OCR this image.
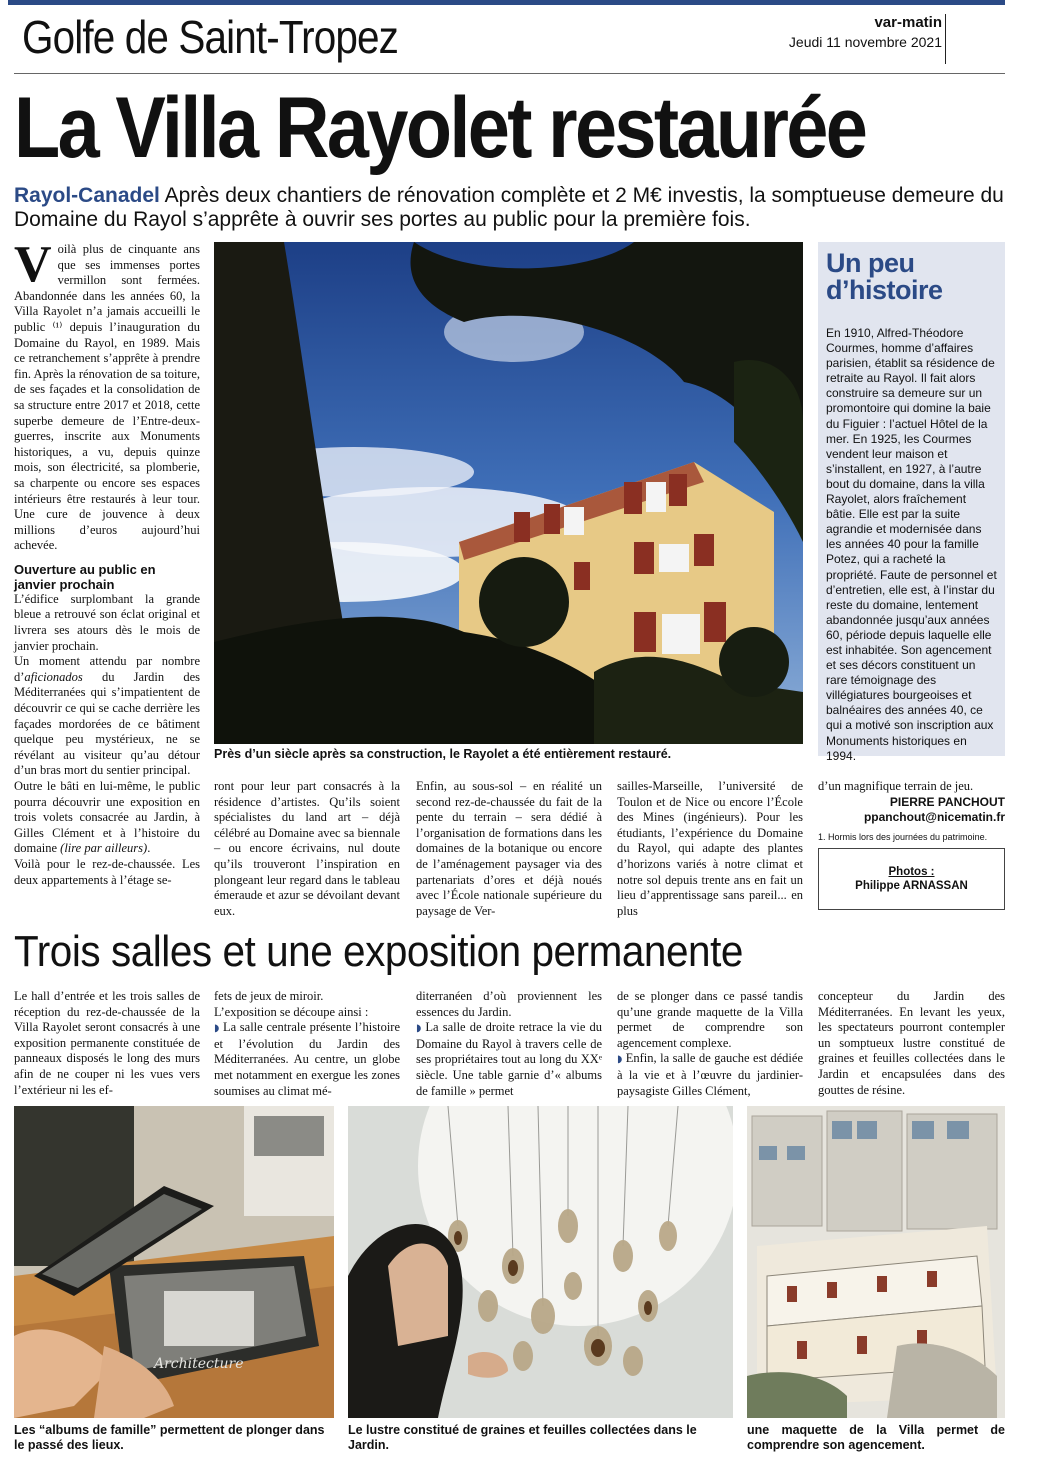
Golfe de Saint-Tropez	var-matin
Jeudi 11 novembre 2021
La Villa Rayolet restaurée
Rayol-Canadel Après deux chantiers de rénovation complète et 2 M€ investis, la somptueuse demeure du Domaine du Rayol s’apprête à ouvrir ses portes au public pour la première fois.
V oilà plus de cinquante ans que ses immenses portes vermillon sont fermées. Abandonnée dans les années 60, la Villa Rayolet n’a jamais accueilli le public ⁽¹⁾ depuis l’inauguration du Domaine du Rayol, en 1989. Mais ce retranchement s’apprête à prendre fin. Après la rénovation de sa toiture, de ses façades et la consolidation de sa structure entre 2017 et 2018, cette superbe demeure de l’Entre-deux-guerres, inscrite aux Monuments historiques, a vu, depuis quinze mois, son électricité, sa plomberie, sa charpente ou encore ses espaces intérieurs être restaurés à leur tour. Une cure de jouvence à deux millions d’euros aujourd’hui achevée.

Ouverture au public en janvier prochain

L’édifice surplombant la grande bleue a retrouvé son éclat original et livrera ses atours dès le mois de janvier prochain.

Un moment attendu par nombre d’aficionados du Jardin des Méditerranées qui s’impatientent de découvrir ce qui se cache derrière les façades mordorées de ce bâtiment quelque peu mystérieux, ne se révélant au visiteur qu’au détour d’un bras mort du sentier principal.

Outre le bâti en lui-même, le public pourra découvrir une exposition en trois volets consacrée au Jardin, à Gilles Clément et à l’histoire du domaine (lire par ailleurs).

Voilà pour le rez-de-chaussée. Les deux appartements à l’étage se-

Près d’un siècle après sa construction, le Rayolet a été entièrement restauré.

ront pour leur part consacrés à la résidence d’artistes. Qu’ils soient spécialistes du land art – déjà célébré au Domaine avec sa biennale – ou encore écrivains, nul doute qu’ils trouveront l’inspiration en plongeant leur regard dans le tableau émeraude et azur se dévoilant devant eux.

Enfin, au sous-sol – en réalité un second rez-de-chaussée du fait de la pente du terrain – sera dédié à l’organisation de formations dans les domaines de la botanique ou encore de l’aménagement paysager via des partenariats d’ores et déjà noués avec l’École nationale supérieure du paysage de Ver-

sailles-Marseille, l’université de Toulon et de Nice ou encore l’École des Mines (ingénieurs). Pour les étudiants, l’expérience du Domaine du Rayol, qui adapte des plantes d’horizons variés à notre climat et notre sol depuis trente ans en fait un lieu d’apprentissage sans pareil... en plus

d’un magnifique terrain de jeu.

PIERRE PANCHOUT
ppanchout@nicematin.fr
1. Hormis lors des journées du patrimoine.
Un peu d’histoire
En 1910, Alfred-Théodore Courmes, homme d’affaires parisien, établit sa résidence de retraite au Rayol. Il fait alors construire sa demeure sur un promontoire qui domine la baie du Figuier : l’actuel Hôtel de la mer. En 1925, les Courmes vendent leur maison et s’installent, en 1927, à l’autre bout du domaine, dans la villa Rayolet, alors fraîchement bâtie. Elle est par la suite agrandie et modernisée dans les années 40 pour la famille Potez, qui a racheté la propriété. Faute de personnel et d’entretien, elle est, à l’instar du reste du domaine, lentement abandonnée jusqu’aux années 60, période depuis laquelle elle est inhabitée. Son agencement et ses décors constituent un rare témoignage des villégiatures bourgeoises et balnéaires des années 40, ce qui a motivé son inscription aux Monuments historiques en 1994.
Photos :
Philippe ARNASSAN
Trois salles et une exposition permanente

Le hall d’entrée et les trois salles de réception du rez-de-chaussée de la Villa Rayolet seront consacrés à une exposition permanente constituée de panneaux disposés le long des murs afin de ne couper ni les vues vers l’extérieur ni les ef-

fets de jeux de miroir.

L’exposition se découpe ainsi :

◗ La salle centrale présente l’histoire et l’évolution du Jardin des Méditerranées. Au centre, un globe met notamment en exergue les zones soumises au climat mé-

diterranéen d’où proviennent les essences du Jardin.

◗ La salle de droite retrace la vie du Domaine du Rayol à travers celle de ses propriétaires tout au long du XXᵉ siècle. Une table garnie d’« albums de famille » permet

de se plonger dans ce passé tandis qu’une grande maquette de la Villa permet de comprendre son agencement complexe.

◗ Enfin, la salle de gauche est dédiée à la vie et à l’œuvre du jardinier-paysagiste Gilles Clément,

concepteur du Jardin des Méditerranées. En levant les yeux, les spectateurs pourront contempler un somptueux lustre constitué de graines et feuilles collectées dans le Jardin et encapsulées dans des gouttes de résine.

Architecture
Les “albums de famille” permettent de plonger dans le passé des lieux.
Le lustre constitué de graines et feuilles collectées dans le Jardin.
une maquette de la Villa permet de comprendre son agencement.
